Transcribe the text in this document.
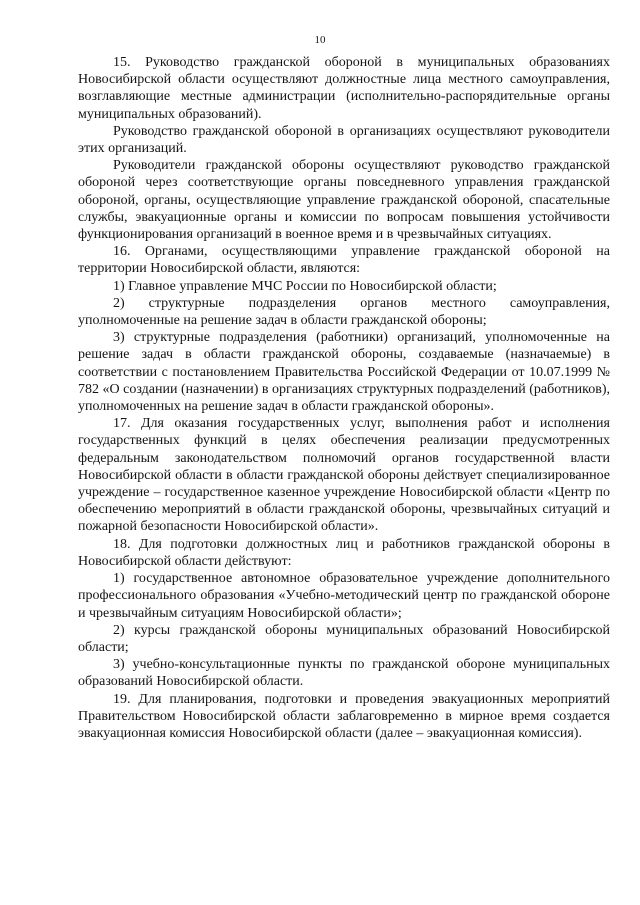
10

15. Руководство гражданской обороной в муниципальных образованиях Новосибирской области осуществляют должностные лица местного самоуправления, возглавляющие местные администрации (исполнительно-распорядительные органы муниципальных образований).

Руководство гражданской обороной в организациях осуществляют руководители этих организаций.

Руководители гражданской обороны осуществляют руководство гражданской обороной через соответствующие органы повседневного управления гражданской обороной, органы, осуществляющие управление гражданской обороной, спасательные службы, эвакуационные органы и комиссии по вопросам повышения устойчивости функционирования организаций в военное время и в чрезвычайных ситуациях.

16. Органами, осуществляющими управление гражданской обороной на территории Новосибирской области, являются:

1) Главное управление МЧС России по Новосибирской области;

2) структурные подразделения органов местного самоуправления, уполномоченные на решение задач в области гражданской обороны;

3) структурные подразделения (работники) организаций, уполномоченные на решение задач в области гражданской обороны, создаваемые (назначаемые) в соответствии с постановлением Правительства Российской Федерации от 10.07.1999 № 782 «О создании (назначении) в организациях структурных подразделений (работников), уполномоченных на решение задач в области гражданской обороны».

17. Для оказания государственных услуг, выполнения работ и исполнения государственных функций в целях обеспечения реализации предусмотренных федеральным законодательством полномочий органов государственной власти Новосибирской области в области гражданской обороны действует специализированное учреждение – государственное казенное учреждение Новосибирской области «Центр по обеспечению мероприятий в области гражданской обороны, чрезвычайных ситуаций и пожарной безопасности Новосибирской области».

18. Для подготовки должностных лиц и работников гражданской обороны в Новосибирской области действуют:

1) государственное автономное образовательное учреждение дополнительного профессионального образования «Учебно-методический центр по гражданской обороне и чрезвычайным ситуациям Новосибирской области»;

2) курсы гражданской обороны муниципальных образований Новосибирской области;

3) учебно-консультационные пункты по гражданской обороне муниципальных образований Новосибирской области.

19. Для планирования, подготовки и проведения эвакуационных мероприятий Правительством Новосибирской области заблаговременно в мирное время создается эвакуационная комиссия Новосибирской области (далее – эвакуационная комиссия).
